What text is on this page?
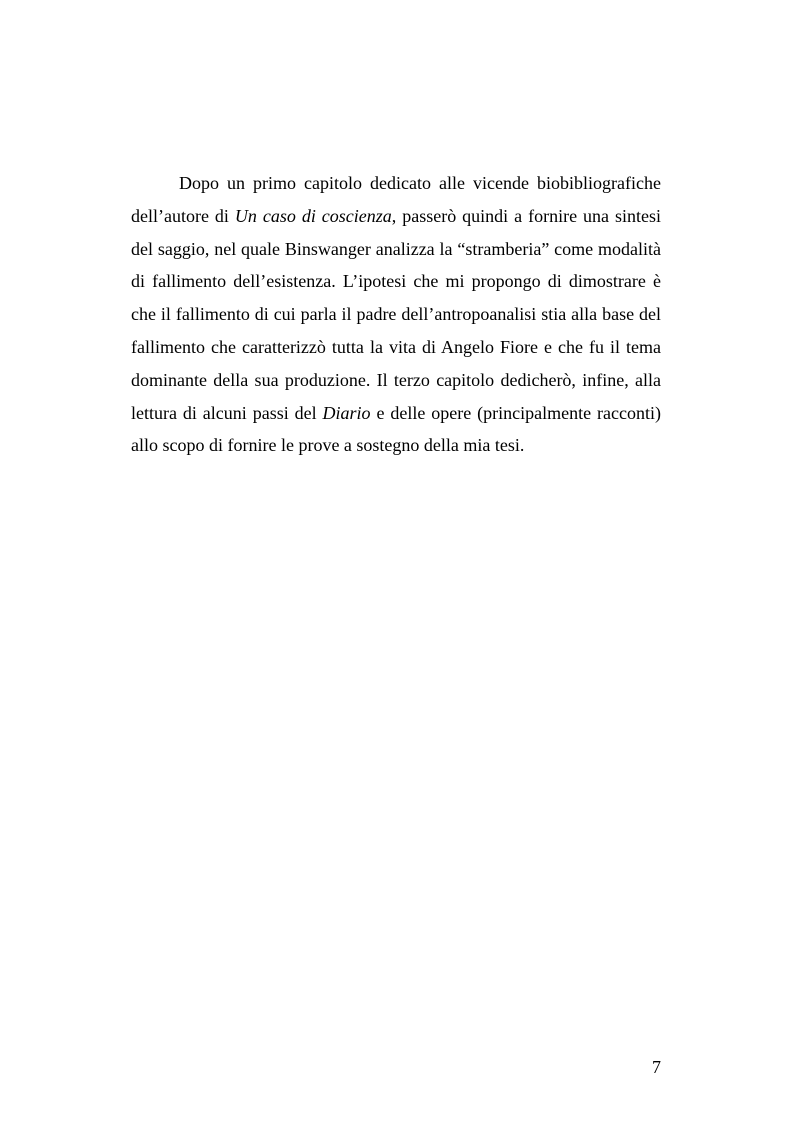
Dopo un primo capitolo dedicato alle vicende biobibliografiche dell’autore di Un caso di coscienza, passerò quindi a fornire una sintesi del saggio, nel quale Binswanger analizza la “stramberia” come modalità di fallimento dell’esistenza. L’ipotesi che mi propongo di dimostrare è che il fallimento di cui parla il padre dell’antropoanalisi stia alla base del fallimento che caratterizzò tutta la vita di Angelo Fiore e che fu il tema dominante della sua produzione. Il terzo capitolo dedicherò, infine, alla lettura di alcuni passi del Diario e delle opere (principalmente racconti) allo scopo di fornire le prove a sostegno della mia tesi.

7
